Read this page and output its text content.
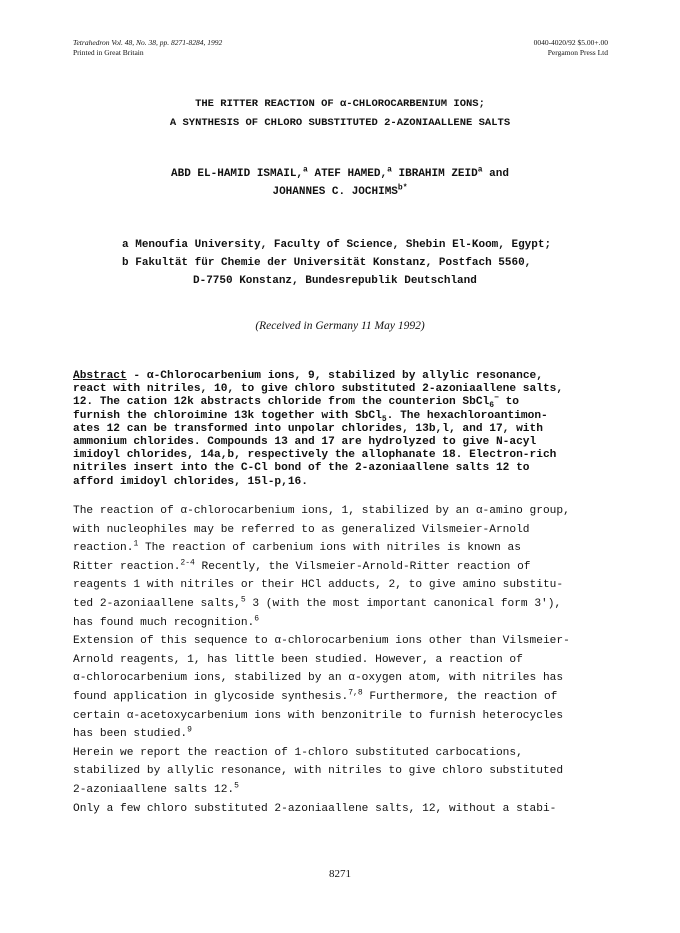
Tetrahedron Vol. 48, No. 38, pp. 8271-8284, 1992
Printed in Great Britain
0040-4020/92 $5.00+.00
Pergamon Press Ltd
THE RITTER REACTION OF α-CHLOROCARBENIUM IONS;
A SYNTHESIS OF CHLORO SUBSTITUTED 2-AZONIAALLENE SALTS
ABD EL-HAMID ISMAIL,$^a$ ATEF HAMED,$^a$ IBRAHIM ZEID$^a$ and
JOHANNES C. $JOCHIMS^{b*}$
a Menoufia University, Faculty of Science, Shebin El-Koom, Egypt;
b Fakultät für Chemie der Universität Konstanz, Postfach 5560,
D-7750 Konstanz, Bundesrepublik Deutschland
(Received in Germany 11 May 1992)

Abstract - α-Chlorocarbenium ions, 9, stabilized by allylic resonance,

react with nitriles, 10, to give chloro substituted 2-azoniaallene salts,

12. The cation 12k abstracts chloride from the counterion SbCl$_6$− to

furnish the chloroimine 13k together with SbCl$_5$. The hexachloroantimon-

ates 12 can be transformed into unpolar chlorides, 13b,l, and 17, with

ammonium chlorides. Compounds 13 and 17 are hydrolyzed to give N-acyl

imidoyl chlorides, 14a,b, respectively the allophanate 18. Electron-rich

nitriles insert into the C-Cl bond of the 2-azoniaallene salts 12 to

afford imidoyl chlorides, 15l-p,16.

The reaction of α-chlorocarbenium ions, 1, stabilized by an α-amino group,

with nucleophiles may be referred to as generalized Vilsmeier-Arnold

reaction.$^1$ The reaction of carbenium ions with nitriles is known as

Ritter reaction.$^{2-4}$ Recently, the Vilsmeier-Arnold-Ritter reaction of

reagents 1 with nitriles or their HCl adducts, 2, to give amino substitu-

ted 2-azoniaallene salts,$^5$ 3 (with the most important canonical form 3'),

has found much recognition.$^6$

Extension of this sequence to α-chlorocarbenium ions other than Vilsmeier-

Arnold reagents, 1, has little been studied. However, a reaction of

α-chlorocarbenium ions, stabilized by an α-oxygen atom, with nitriles has

found application in glycoside synthesis.$^{7,8}$ Furthermore, the reaction of

certain α-acetoxycarbenium ions with benzonitrile to furnish heterocycles

has been studied.$^9$

Herein we report the reaction of 1-chloro substituted carbocations,

stabilized by allylic resonance, with nitriles to give chloro substituted

2-azoniaallene salts 12.$^5$

Only a few chloro substituted 2-azoniaallene salts, 12, without a stabi-

8271
